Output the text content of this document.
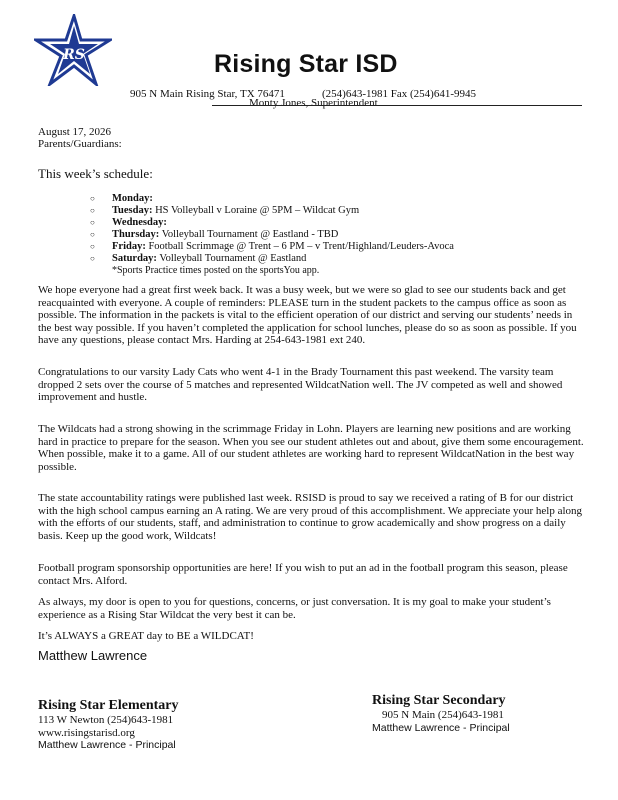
RS	Rising Star ISD
905 N Main Rising Star, TX 76471	(254)643-1981 Fax (254)641-9945
Monty Jones, Superintendent
August 17, 2026
Parents/Guardians:
This week’s schedule:
○ Monday:
○ Tuesday: HS Volleyball v Loraine @ 5PM – Wildcat Gym
○ Wednesday:
○ Thursday: Volleyball Tournament @ Eastland - TBD
○ Friday: Football Scrimmage @ Trent – 6 PM – v Trent/Highland/Leuders-Avoca
○ Saturday: Volleyball Tournament @ Eastland
*Sports Practice times posted on the sportsYou app.

We hope everyone had a great first week back. It was a busy week, but we were so glad to see our students back and get reacquainted with everyone. A couple of reminders: PLEASE turn in the student packets to the campus office as soon as possible. The information in the packets is vital to the efficient operation of our district and serving our students’ needs in the best way possible. If you haven’t completed the application for school lunches, please do so as soon as possible. If you have any questions, please contact Mrs. Harding at 254-643-1981 ext 240.

Congratulations to our varsity Lady Cats who went 4-1 in the Brady Tournament this past weekend. The varsity team dropped 2 sets over the course of 5 matches and represented WildcatNation well. The JV competed as well and showed improvement and hustle.

The Wildcats had a strong showing in the scrimmage Friday in Lohn. Players are learning new positions and are working hard in practice to prepare for the season. When you see our student athletes out and about, give them some encouragement. When possible, make it to a game. All of our student athletes are working hard to represent WildcatNation in the best way possible.

The state accountability ratings were published last week. RSISD is proud to say we received a rating of B for our district with the high school campus earning an A rating. We are very proud of this accomplishment. We appreciate your help along with the efforts of our students, staff, and administration to continue to grow academically and show progress on a daily basis. Keep up the good work, Wildcats!

Football program sponsorship opportunities are here! If you wish to put an ad in the football program this season, please contact Mrs. Alford.

As always, my door is open to you for questions, concerns, or just conversation. It is my goal to make your student’s experience as a Rising Star Wildcat the very best it can be.

It’s ALWAYS a GREAT day to BE a WILDCAT!

Matthew Lawrence
Rising Star Elementary
113 W Newton (254)643-1981
www.risingstarisd.org
Matthew Lawrence - Principal
Rising Star Secondary
905 N Main (254)643-1981
Matthew Lawrence - Principal
